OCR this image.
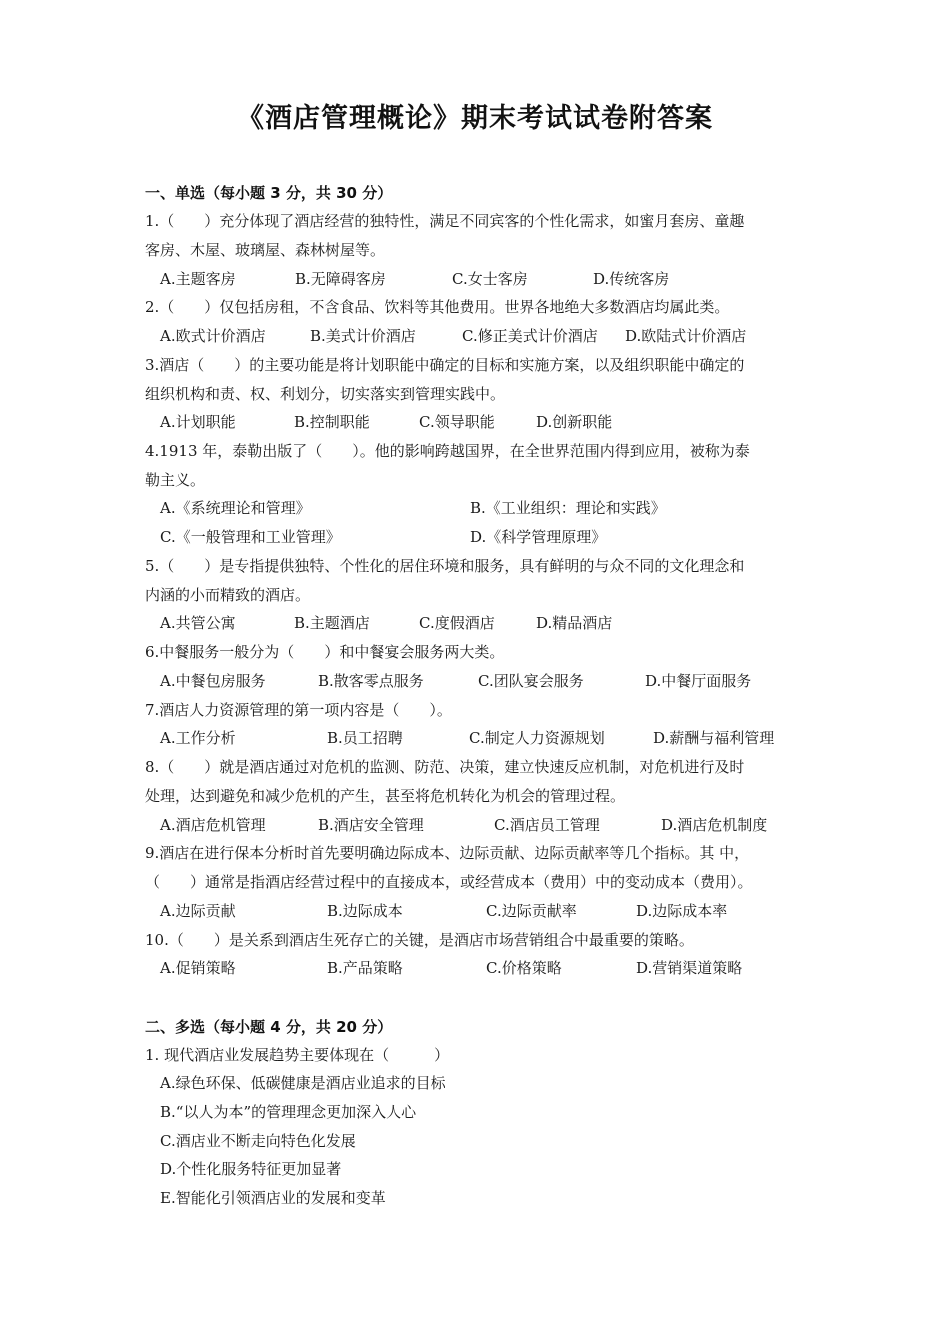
《酒店管理概论》期末考试试卷附答案
一、单选（每小题 3 分，共 30 分）
1.（　　）充分体现了酒店经营的独特性，满足不同宾客的个性化需求，如蜜月套房、童趣
客房、木屋、玻璃屋、森林树屋等。
A.主题客房	B.无障碍客房	C.女士客房	D.传统客房
2.（　　）仅包括房租，不含食品、饮料等其他费用。世界各地绝大多数酒店均属此类。
A.欧式计价酒店	B.美式计价酒店	C.修正美式计价酒店 D.欧陆式计价酒店
3.酒店（　　）的主要功能是将计划职能中确定的目标和实施方案，以及组织职能中确定的
组织机构和责、权、利划分，切实落实到管理实践中。
A.计划职能	B.控制职能	C.领导职能	D.创新职能
4.1913 年，泰勒出版了（　　）。他的影响跨越国界，在全世界范围内得到应用，被称为泰
勒主义。
A.《系统理论和管理》	B.《工业组织：理论和实践》
C.《一般管理和工业管理》	D.《科学管理原理》
5.（　　）是专指提供独特、个性化的居住环境和服务，具有鲜明的与众不同的文化理念和
内涵的小而精致的酒店。
A.共管公寓	B.主题酒店	C.度假酒店	D.精品酒店
6.中餐服务一般分为（　　）和中餐宴会服务两大类。
A.中餐包房服务	B.散客零点服务	C.团队宴会服务	D.中餐厅面服务
7.酒店人力资源管理的第一项内容是（　　）。
A.工作分析	B.员工招聘	C.制定人力资源规划	D.薪酬与福利管理
8.（　　）就是酒店通过对危机的监测、防范、决策，建立快速反应机制，对危机进行及时
处理，达到避免和减少危机的产生，甚至将危机转化为机会的管理过程。
A.酒店危机管理	B.酒店安全管理	C.酒店员工管理	D.酒店危机制度
9.酒店在进行保本分析时首先要明确边际成本、边际贡献、边际贡献率等几个指标。其 中，
（　　）通常是指酒店经营过程中的直接成本，或经营成本（费用）中的变动成本（费用）。
A.边际贡献	B.边际成本	C.边际贡献率	D.边际成本率
10.（　　）是关系到酒店生死存亡的关键，是酒店市场营销组合中最重要的策略。
A.促销策略	B.产品策略	C.价格策略	D.营销渠道策略
二、多选（每小题 4 分，共 20 分）
1. 现代酒店业发展趋势主要体现在（　　　）
A.绿色环保、低碳健康是酒店业追求的目标
B.“以人为本”的管理理念更加深入人心
C.酒店业不断走向特色化发展
D.个性化服务特征更加显著
E.智能化引领酒店业的发展和变革
